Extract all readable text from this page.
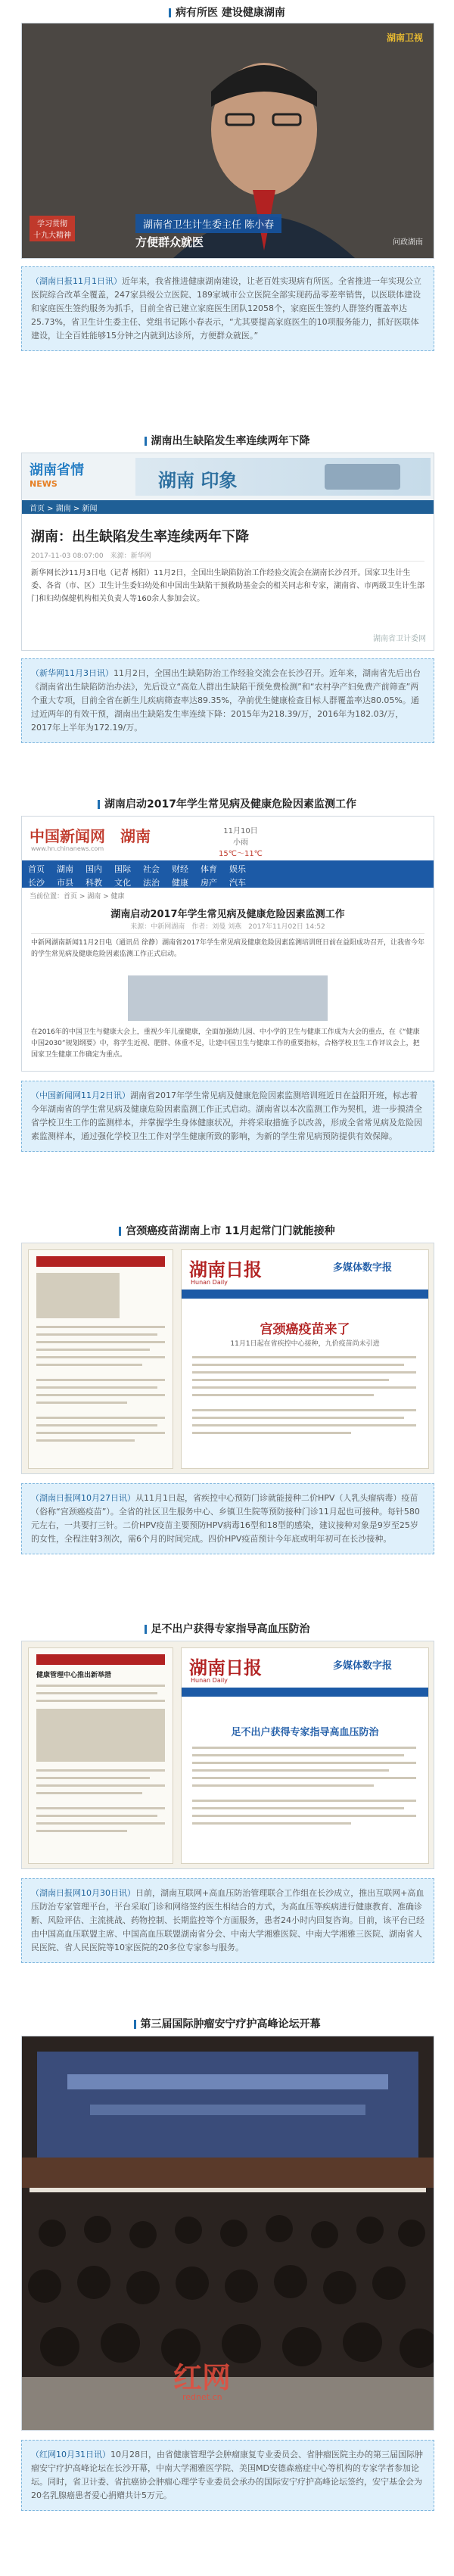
病有所医 建设健康湖南
湖南卫视
学习贯彻
十九大精神
湖南省卫生计生委主任 陈小春
方便群众就医	问政湖南
（湖南日报11月1日讯）近年来，我省推进健康湖南建设，让老百姓实现病有所医。全省推进一年实现公立医院综合改革全覆盖，247家县级公立医院、189家城市公立医院全部实现药品零差率销售，以医联体建设和家庭医生签约服务为抓手，目前全省已建立家庭医生团队12058个，家庭医生签约人群签约覆盖率达25.73%，省卫生计生委主任、党组书记陈小春表示，“尤其要提高家庭医生的10项服务能力，抓好医联体建设，让全百姓能够15分钟之内就到达诊所，方便群众就医。”
湖南出生缺陷发生率连续两年下降
湖南省情
NEWS	湖南 印象
首页 > 湖南 > 新闻
湖南：出生缺陷发生率连续两年下降
2017-11-03 08:07:00　来源：新华网
新华网长沙11月3日电（记者 杨阳）11月2日，全国出生缺陷防治工作经验交流会在湖南长沙召开。国家卫生计生委、各省（市、区）卫生计生委妇幼处和中国出生缺陷干预救助基金会的相关同志和专家，湖南省、市两级卫生计生部门和妇幼保健机构相关负责人等160余人参加会议。
湖南省卫计委网
（新华网11月3日讯）11月2日，全国出生缺陷防治工作经验交流会在长沙召开。近年来，湖南省先后出台《湖南省出生缺陷防治办法》，先后设立“高危人群出生缺陷干预免费检测”和“农村孕产妇免费产前筛查”两个重大专项，目前全省在新生儿疾病筛查率达89.35%，孕前优生健康检查目标人群覆盖率达80.05%。通过近两年的有效干预，湖南出生缺陷发生率连续下降：2015年为218.39/万，2016年为182.03/万，2017年上半年为172.19/万。
湖南启动2017年学生常见病及健康危险因素监测工作
中国新闻网 湖南
www.hn.chinanews.com
11月10日
小雨
15℃～11℃
首页 湖南 国内 国际 社会 财经 体育 娱乐
长沙 市县 科教 文化 法治 健康 房产 汽车
当前位置：首页 > 湖南 > 健康
湖南启动2017年学生常见病及健康危险因素监测工作
来源：中新网湖南　作者：刘曼 刘燕　2017年11月02日 14:52
中新网湖南新闻11月2日电（通讯员 徐静）湖南省2017年学生常见病及健康危险因素监测培训班日前在益阳成功召开，让我省今年的学生常见病及健康危险因素监测工作正式启动。
在2016年的中国卫生与健康大会上，重视少年儿童健康，全面加强幼儿园、中小学的卫生与健康工作成为大会的重点，在《“健康中国2030”规划纲要》中，将学生近视、肥胖、体重不足，让建中国卫生与健康工作的重要指标，合格学校卫生工作评议会上，把国家卫生健康工作确定为重点。
（中国新闻网11月2日讯）湖南省2017年学生常见病及健康危险因素监测培训班近日在益阳开班，标志着今年湖南省的学生常见病及健康危险因素监测工作正式启动。湖南省以本次监测工作为契机，进一步摸清全省学校卫生工作的监测样本，并掌握学生身体健康状况，并将采取措施予以改善，形成全省常见病及危险因素监测样本，通过强化学校卫生工作对学生健康所致的影响，为新的学生常见病预防提供有效保障。
宫颈癌疫苗湖南上市 11月起常门门就能接种
湖南日报
Hunan Daily
多媒体数字报
宫颈癌疫苗来了
11月1日起在省疾控中心接种，九价疫苗尚未引进
（湖南日报网10月27日讯）从11月1日起，省疾控中心预防门诊就能接种二价HPV（人乳头瘤病毒）疫苗（俗称“宫颈癌疫苗”）。全省的社区卫生服务中心、乡镇卫生院等预防接种门诊11月起也可接种。每针580元左右，一共要打三针。二价HPV疫苗主要预防HPV病毒16型和18型的感染，建议接种对象是9岁至25岁的女性，全程注射3剂次，需6个月的时间完成。四价HPV疫苗预计今年底或明年初可在长沙接种。
足不出户获得专家指导高血压防治
健康管理中心推出新举措	湖南日报
Hunan Daily
多媒体数字报
足不出户获得专家指导高血压防治
（湖南日报网10月30日讯）日前，湖南互联网+高血压防治管理联合工作组在长沙成立，推出互联网+高血压防治专家管理平台，平台采取门诊和网络签约医生相结合的方式，为高血压等疾病进行健康教育、准确诊断、风险评估、主流挑战、药物控制、长期监控等个方面服务，患者24小时内回复咨询。目前，该平台已经由中国高血压联盟主席、中国高血压联盟湖南省分会、中南大学湘雅医院、中南大学湘雅三医院、湖南省人民医院、省人民医院等10家医院的20多位专家参与服务。
第三届国际肿瘤安宁疗护高峰论坛开幕
红网
rednet.cn
（红网10月31日讯）10月28日，由省健康管理学会肿瘤康复专业委员会、省肿瘤医院主办的第三届国际肿瘤安宁疗护高峰论坛在长沙开幕，中南大学湘雅医学院、美国MD安德森癌症中心等机构的专家学者参加论坛。同时，省卫计委、省抗癌协会肿瘤心理学专业委员会承办的国际安宁疗护高峰论坛签约，安宁基金会为20名乳腺癌患者爱心捐赠共计5万元。
